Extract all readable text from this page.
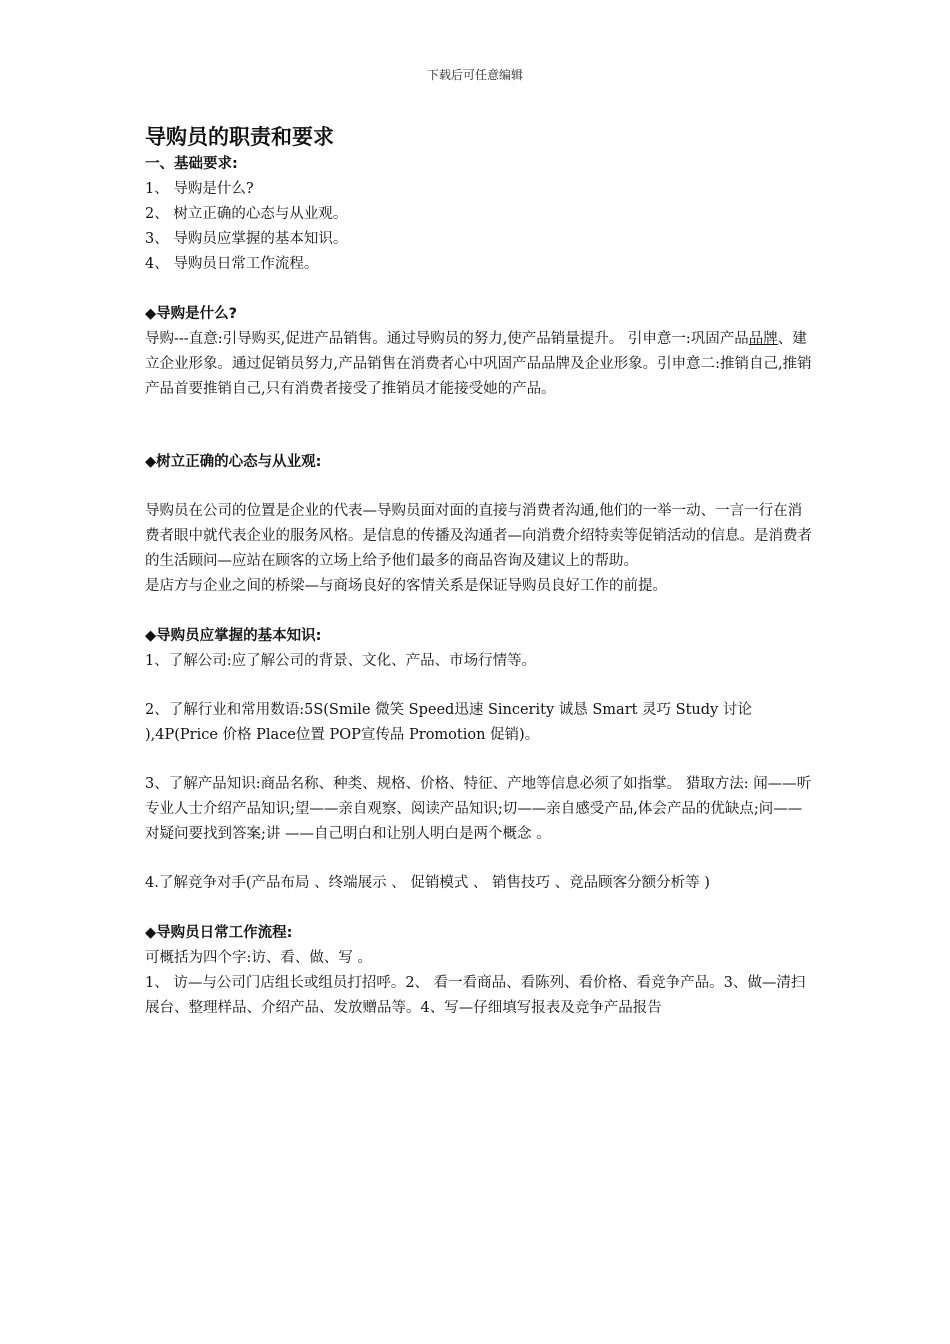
下载后可任意编辑
导购员的职责和要求
一、基础要求:
1、 导购是什么?
2、 树立正确的心态与从业观。
3、 导购员应掌握的基本知识。
4、 导购员日常工作流程。
◆导购是什么?
导购---直意:引导购买,促进产品销售。通过导购员的努力,使产品销量提升。 引申意一:巩固产品品牌、建立企业形象。通过促销员努力,产品销售在消费者心中巩固产品品牌及企业形象。引申意二:推销自己,推销产品首要推销自己,只有消费者接受了推销员才能接受她的产品。
◆树立正确的心态与从业观:
导购员在公司的位置是企业的代表—导购员面对面的直接与消费者沟通,他们的一举一动、一言一行在消费者眼中就代表企业的服务风格。是信息的传播及沟通者—向消费介绍特卖等促销活动的信息。是消费者的生活顾问—应站在顾客的立场上给予他们最多的商品咨询及建议上的帮助。
是店方与企业之间的桥梁—与商场良好的客情关系是保证导购员良好工作的前提。
◆导购员应掌握的基本知识:
1、了解公司:应了解公司的背景、文化、产品、市场行情等。
2、了解行业和常用数语:5S(Smile 微笑 Speed迅速 Sincerity 诚恳 Smart 灵巧 Study 讨论 ),4P(Price 价格 Place位置 POP宣传品 Promotion 促销)。
3、了解产品知识:商品名称、种类、规格、价格、特征、产地等信息必须了如指掌。 猎取方法: 闻——听专业人士介绍产品知识;望——亲自观察、阅读产品知识;切——亲自感受产品,体会产品的优缺点;问——对疑问要找到答案;讲 ——自己明白和让别人明白是两个概念 。
4.了解竞争对手(产品布局 、终端展示 、 促销模式 、 销售技巧 、竞品顾客分额分析等 )
◆导购员日常工作流程:
可概括为四个字:访、看、做、写 。
1、 访—与公司门店组长或组员打招呼。2、 看一看商品、看陈列、看价格、看竞争产品。3、做—清扫展台、整理样品、介绍产品、发放赠品等。4、写—仔细填写报表及竞争产品报告
